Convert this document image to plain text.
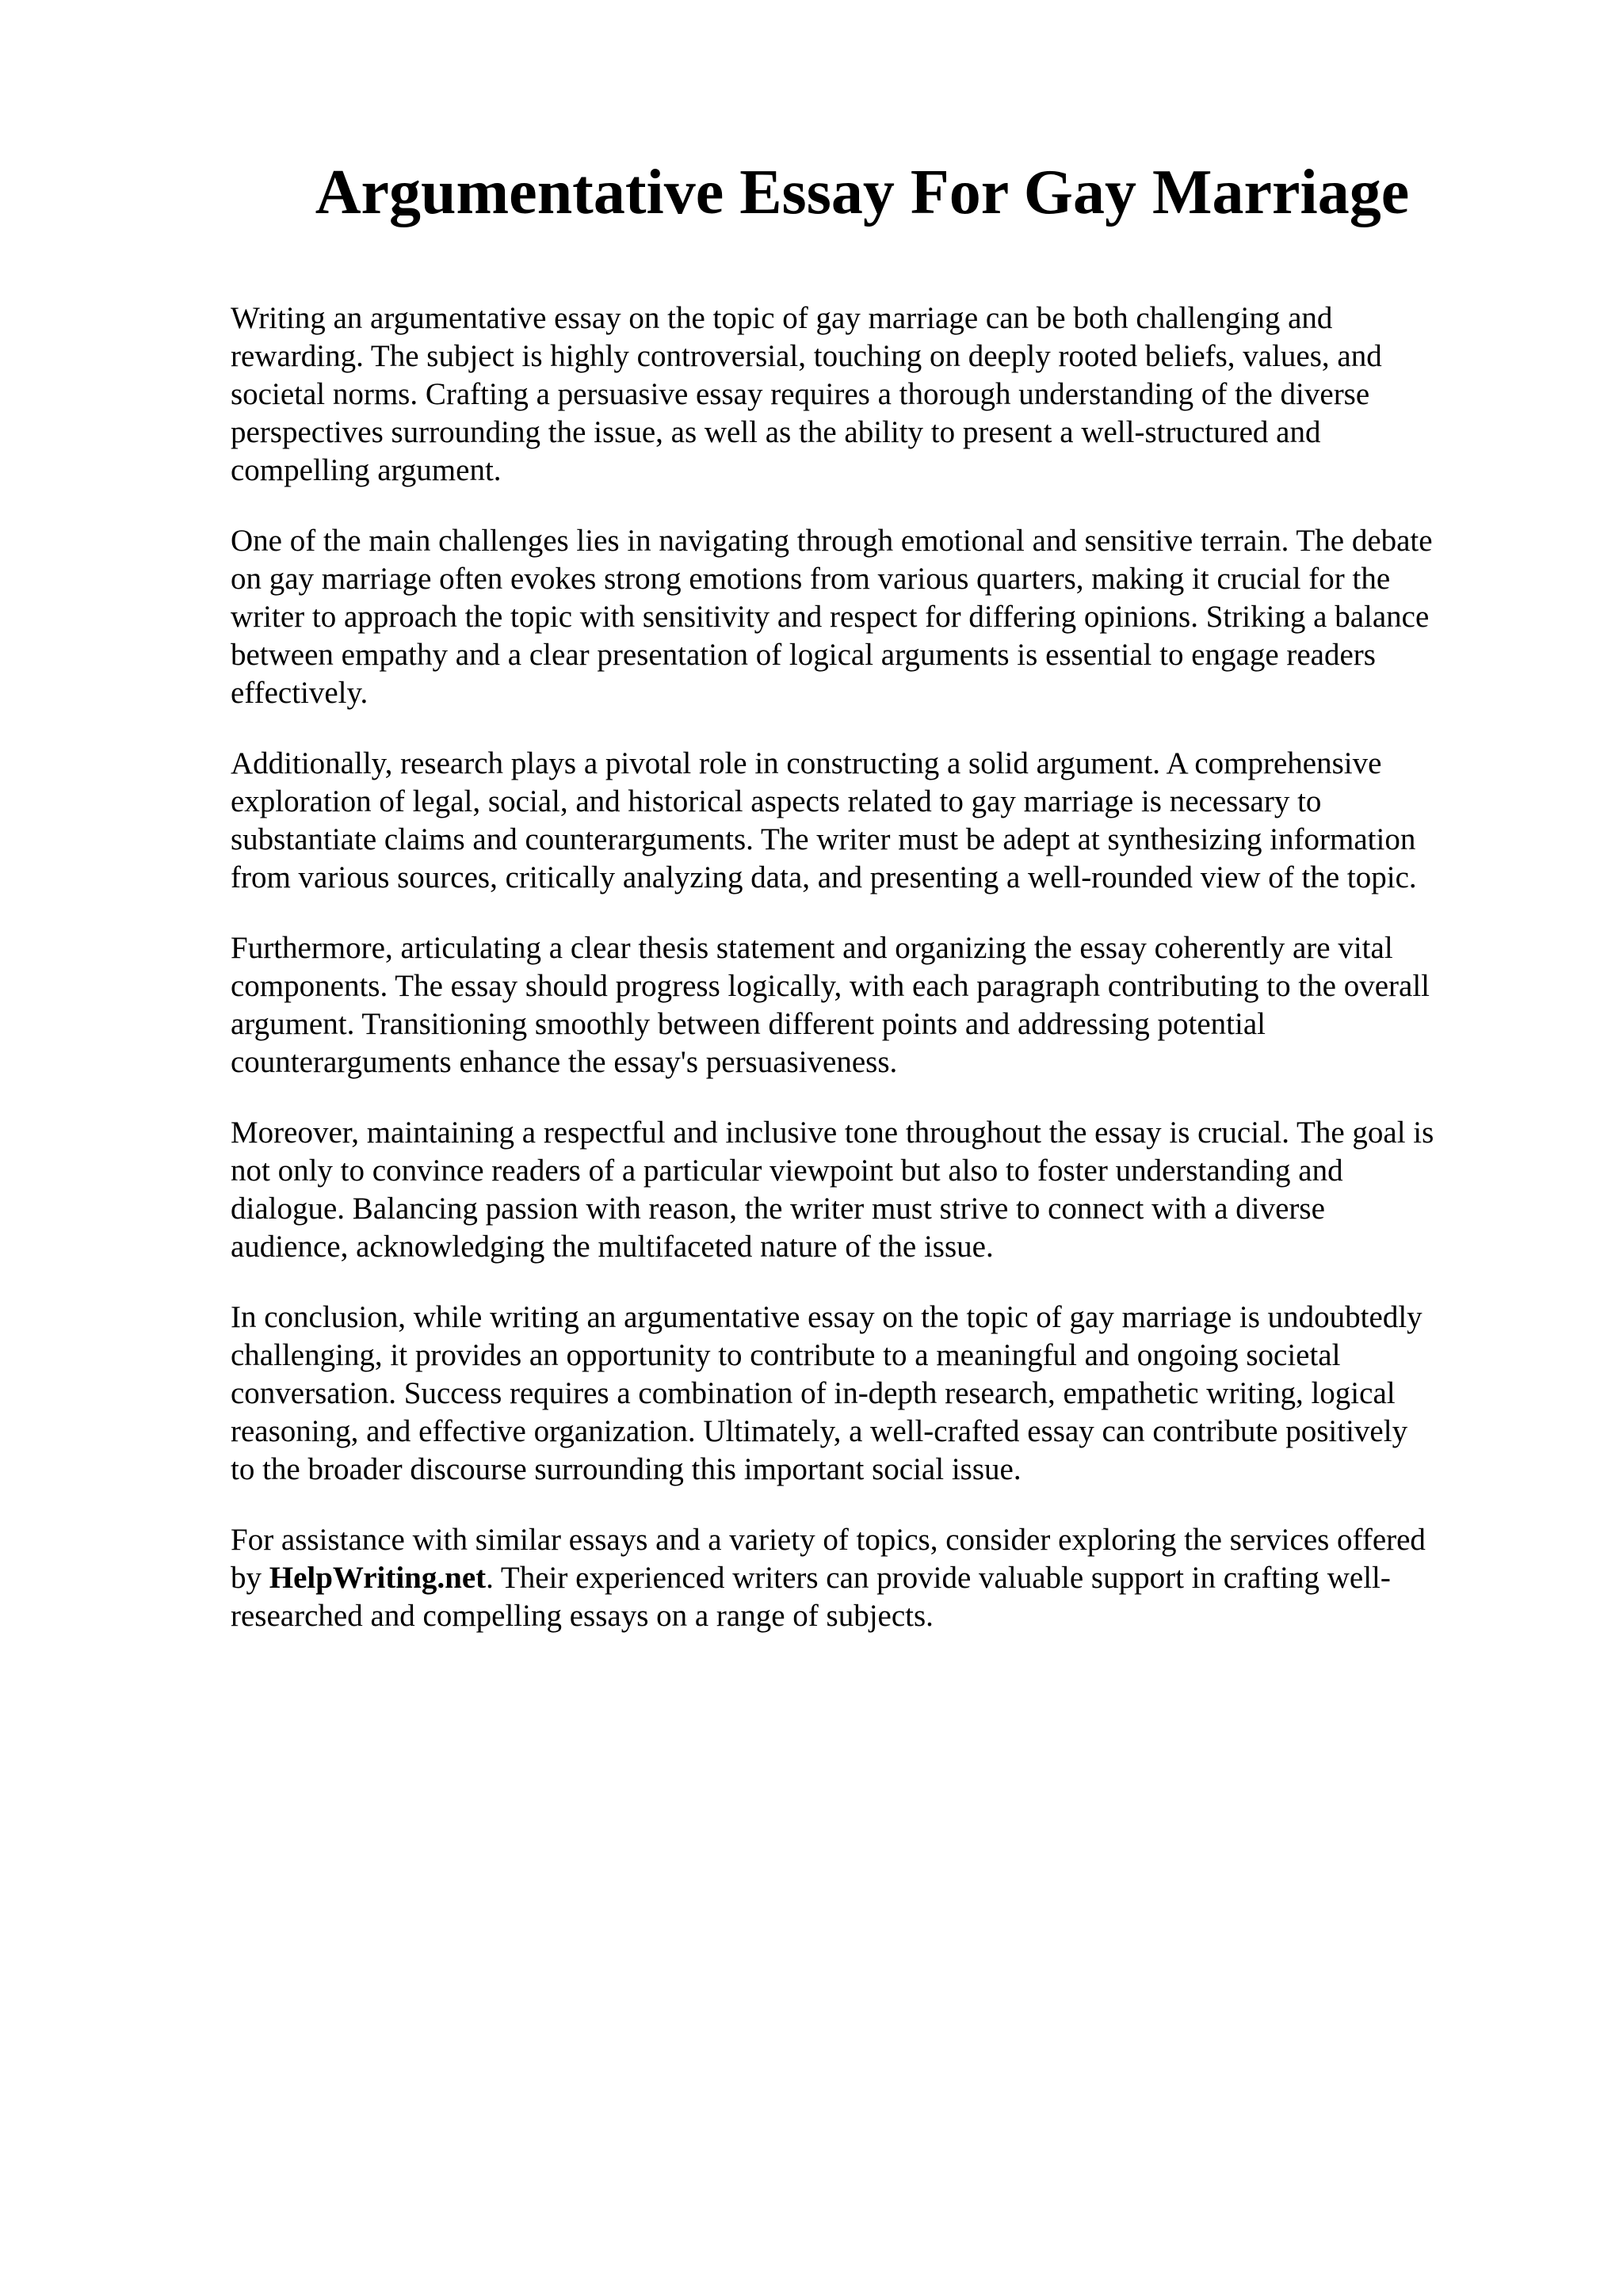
Argumentative Essay For Gay Marriage

Writing an argumentative essay on the topic of gay marriage can be both challenging and
rewarding. The subject is highly controversial, touching on deeply rooted beliefs, values, and
societal norms. Crafting a persuasive essay requires a thorough understanding of the diverse
perspectives surrounding the issue, as well as the ability to present a well-structured and
compelling argument.

One of the main challenges lies in navigating through emotional and sensitive terrain. The debate
on gay marriage often evokes strong emotions from various quarters, making it crucial for the
writer to approach the topic with sensitivity and respect for differing opinions. Striking a balance
between empathy and a clear presentation of logical arguments is essential to engage readers
effectively.

Additionally, research plays a pivotal role in constructing a solid argument. A comprehensive
exploration of legal, social, and historical aspects related to gay marriage is necessary to
substantiate claims and counterarguments. The writer must be adept at synthesizing information
from various sources, critically analyzing data, and presenting a well-rounded view of the topic.

Furthermore, articulating a clear thesis statement and organizing the essay coherently are vital
components. The essay should progress logically, with each paragraph contributing to the overall
argument. Transitioning smoothly between different points and addressing potential
counterarguments enhance the essay's persuasiveness.

Moreover, maintaining a respectful and inclusive tone throughout the essay is crucial. The goal is
not only to convince readers of a particular viewpoint but also to foster understanding and
dialogue. Balancing passion with reason, the writer must strive to connect with a diverse
audience, acknowledging the multifaceted nature of the issue.

In conclusion, while writing an argumentative essay on the topic of gay marriage is undoubtedly
challenging, it provides an opportunity to contribute to a meaningful and ongoing societal
conversation. Success requires a combination of in-depth research, empathetic writing, logical
reasoning, and effective organization. Ultimately, a well-crafted essay can contribute positively
to the broader discourse surrounding this important social issue.

For assistance with similar essays and a variety of topics, consider exploring the services offered
by HelpWriting.net. Their experienced writers can provide valuable support in crafting well-
researched and compelling essays on a range of subjects.
